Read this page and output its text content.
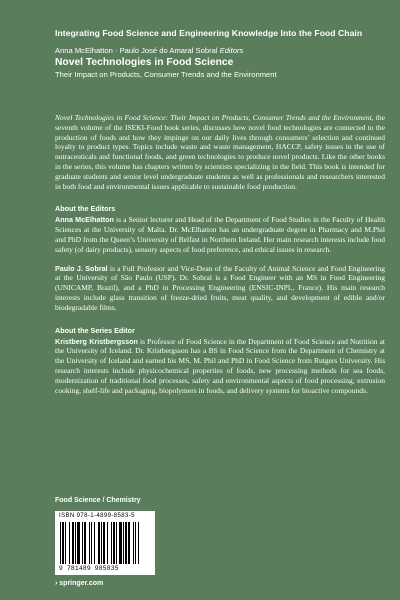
Integrating Food Science and Engineering Knowledge Into the Food Chain
Anna McElhatton · Paulo José do Amaral Sobral Editors
Novel Technologies in Food Science
Their Impact on Products, Consumer Trends and the Environment

Novel Technologies in Food Science: Their Impact on Products, Consumer Trends and the Environment, the seventh volume of the ISEKI-Food book series, discusses how novel food technologies are connected to the production of foods and how they impinge on our daily lives through consumers’ selection and continued loyalty to product types. Topics include waste and waste management, HACCP, safety issues in the use of nutraceuticals and functional foods, and green technologies to produce novel products. Like the other books in the series, this volume has chapters written by scientists specializing in the field. This book is intended for graduate students and senior level undergraduate students as well as professionals and researchers interested in both food and environmental issues applicable to sustainable food production.

About the Editors

Anna McElhatton is a Senior lecturer and Head of the Department of Food Studies in the Faculty of Health Sciences at the University of Malta. Dr. McElhatton has an undergraduate degree in Pharmacy and M.Phil and PhD from the Queen’s University of Belfast in Northern Ireland. Her main research interests include food safety (of dairy products), sensory aspects of food preference, and ethical issues in research.

Paulo J. Sobral is a Full Professor and Vice-Dean of the Faculty of Animal Science and Food Engineering at the University of São Paulo (USP). Dr. Sobral is a Food Engineer with an MS in Food Engineering (UNICAMP, Brazil), and a PhD in Processing Engineering (ENSIC-INPL, France). His main research interests include glass transition of freeze-dried fruits, meat quality, and development of edible and/or biodegradable films.

About the Series Editor

Kristberg Kristbergsson is Professor of Food Science in the Department of Food Science and Nutrition at the University of Iceland. Dr. Kristbergsson has a BS in Food Science from the Department of Chemistry at the University of Iceland and earned his MS, M. Phil and PhD in Food Science from Rutgers University. His research interests include physicochemical properties of foods, new processing methods for sea foods, modernization of traditional food processes, safety and environmental aspects of food processing, extrusion cooking, shelf-life and packaging, biopolymers in foods, and delivery systems for bioactive compounds.

Food Science / Chemistry
ISBN 978-1-4899-8583-5
9 781489 985835
› springer.com
